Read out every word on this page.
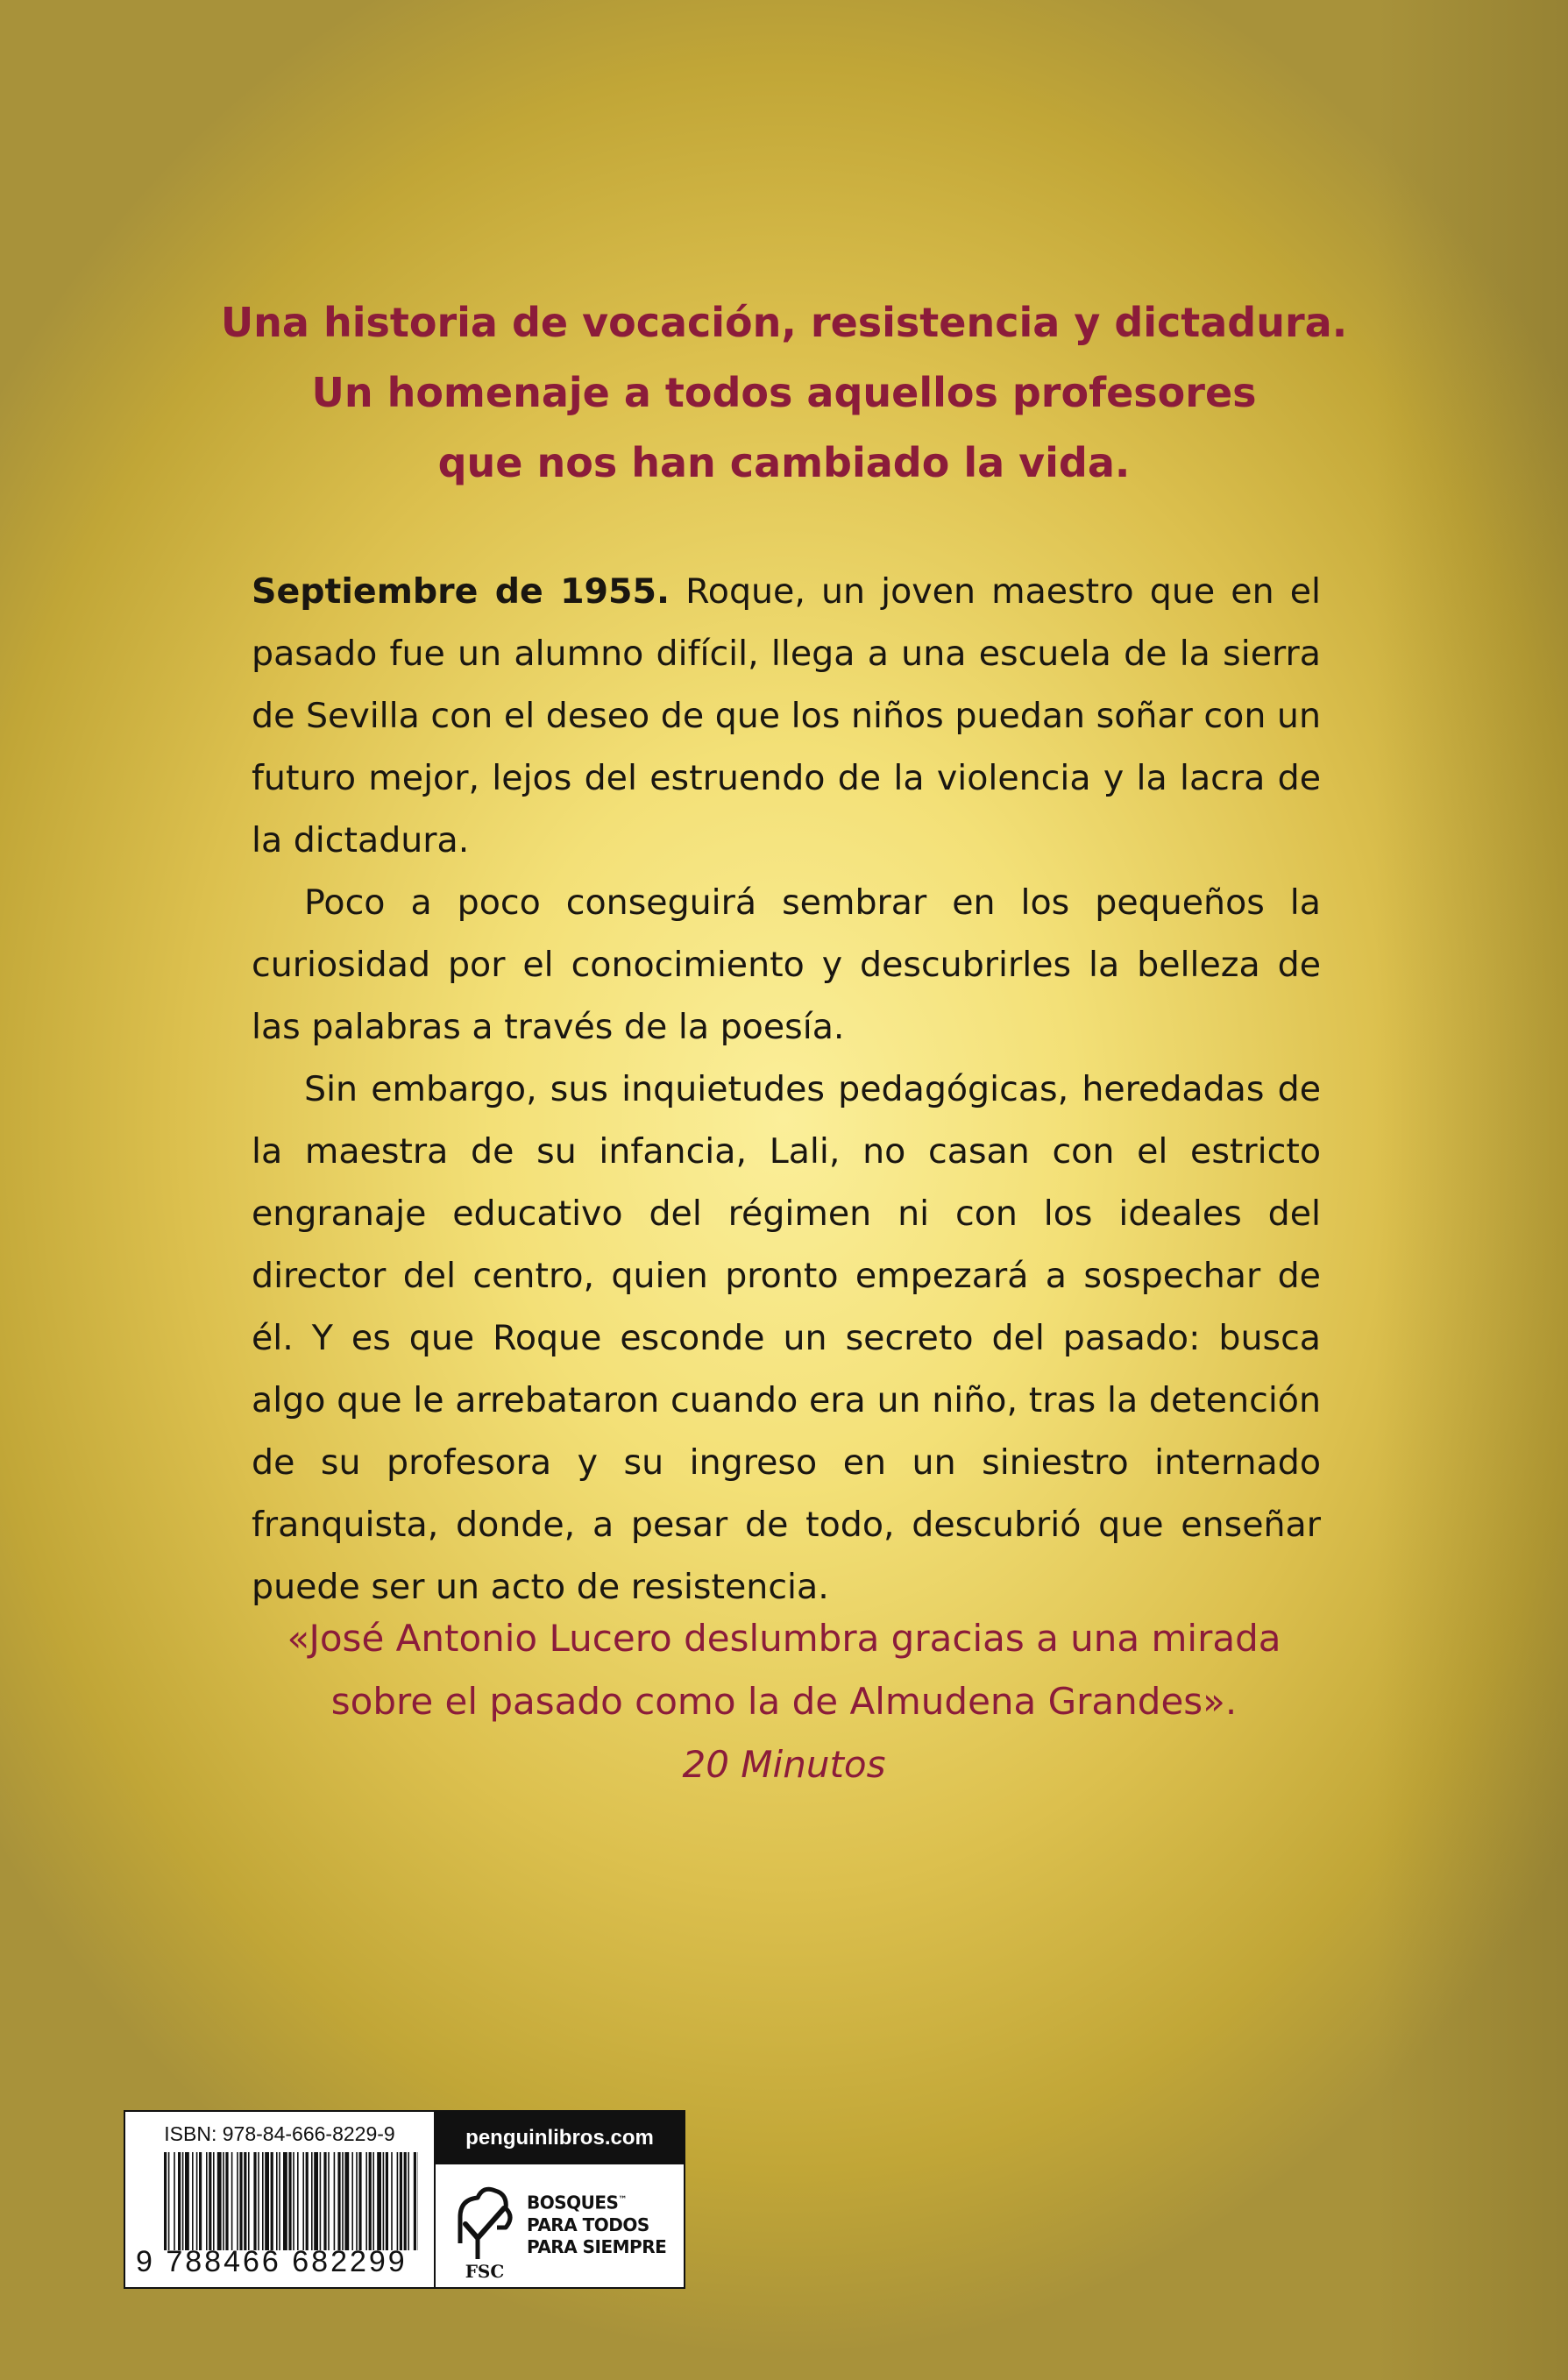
Una historia de vocación, resistencia y dictadura.
Un homenaje a todos aquellos profesores
que nos han cambiado la vida.

Septiembre de 1955. Roque, un joven maestro que en el pasado fue un alumno difícil, llega a una escuela de la sierra de Sevilla con el deseo de que los niños puedan soñar con un futuro mejor, lejos del estruendo de la violencia y la lacra de la dictadura.

Poco a poco conseguirá sembrar en los pequeños la curiosidad por el conocimiento y descubrirles la belleza de las palabras a través de la poesía.

Sin embargo, sus inquietudes pedagógicas, heredadas de la maestra de su infancia, Lali, no casan con el estricto engranaje educativo del régimen ni con los ideales del director del centro, quien pronto empezará a sospechar de él. Y es que Roque esconde un secreto del pasado: busca algo que le arrebataron cuando era un niño, tras la detención de su profesora y su ingreso en un siniestro internado franquista, donde, a pesar de todo, descubrió que enseñar puede ser un acto de resistencia.

«José Antonio Lucero deslumbra gracias a una mirada
sobre el pasado como la de Almudena Grandes».
20 Minutos
ISBN: 978-84-666-8229-9
9 788466 682299
penguinlibros.com
FSC
BOSQUES™
PARA TODOS
PARA SIEMPRE
